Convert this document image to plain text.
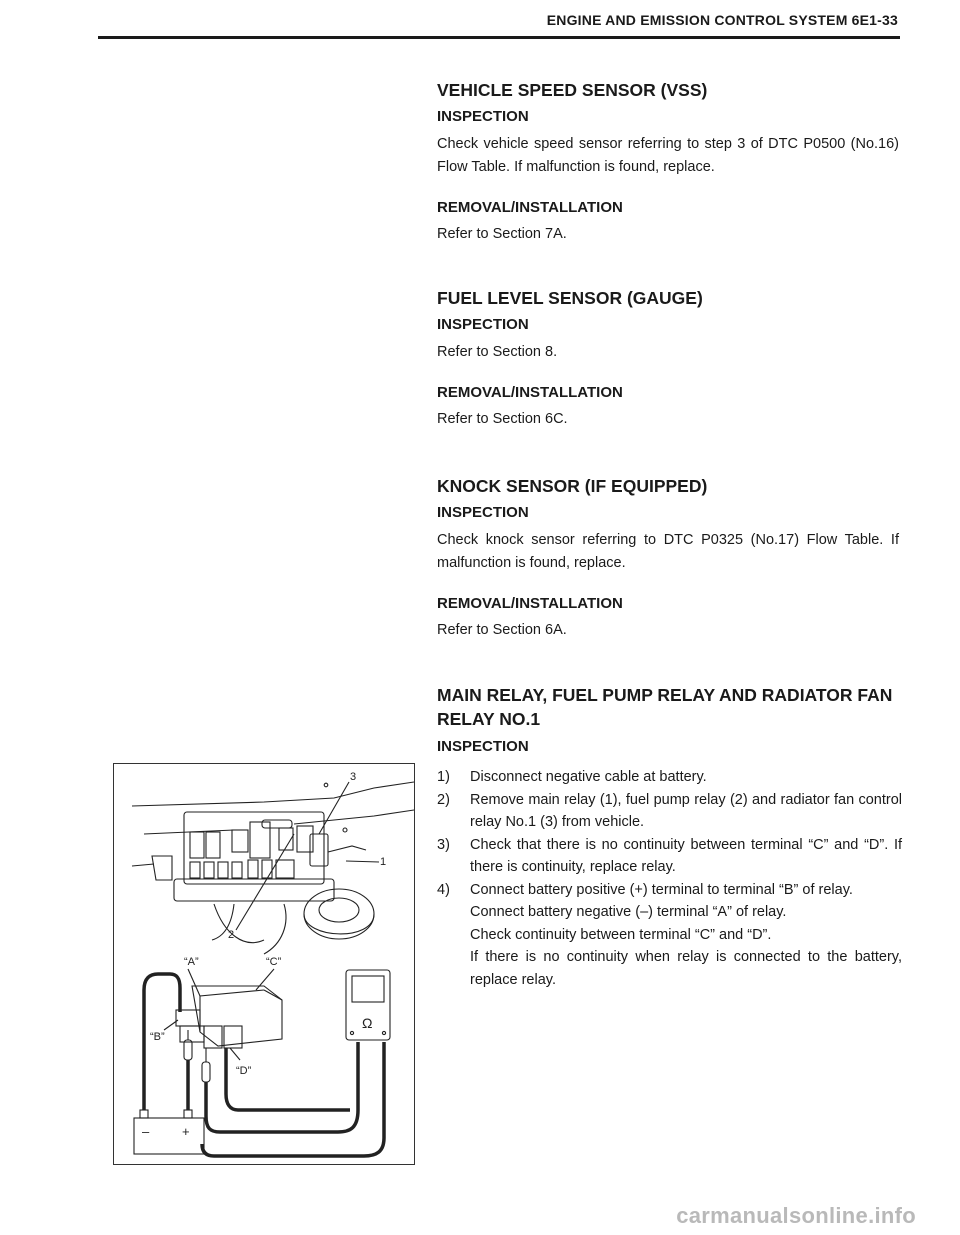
ENGINE AND EMISSION CONTROL SYSTEM 6E1-33
VEHICLE SPEED SENSOR (VSS)
INSPECTION

Check vehicle speed sensor referring to step 3 of DTC P0500 (No.16) Flow Table. If malfunction is found, replace.

REMOVAL/INSTALLATION

Refer to Section 7A.

FUEL LEVEL SENSOR (GAUGE)
INSPECTION

Refer to Section 8.

REMOVAL/INSTALLATION

Refer to Section 6C.

KNOCK SENSOR (IF EQUIPPED)
INSPECTION

Check knock sensor referring to DTC P0325 (No.17) Flow Table. If malfunction is found, replace.

REMOVAL/INSTALLATION

Refer to Section 6A.

MAIN RELAY, FUEL PUMP RELAY AND RADIATOR FAN RELAY NO.1
INSPECTION
1)	Disconnect negative cable at battery.
2)	Remove main relay (1), fuel pump relay (2) and radiator fan control relay No.1 (3) from vehicle.
3)	Check that there is no continuity between terminal “C” and “D”. If there is continuity, replace relay.
4)	Connect battery positive (+) terminal to terminal “B” of relay.
Connect battery negative (–) terminal “A” of relay.
Check continuity between terminal “C” and “D”.
If there is no continuity when relay is connected to the battery, replace relay.
3
1
2
–	+
Ω
“A”	“C”
“B”
“D”
carmanualsonline.info
